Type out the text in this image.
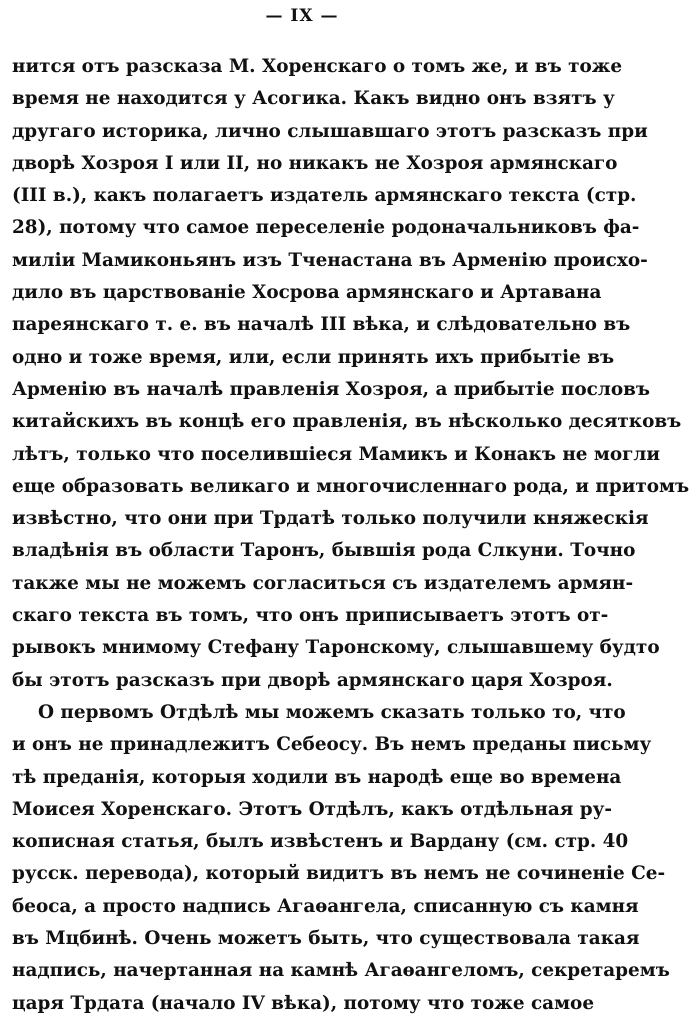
— IX —
нится отъ разсказа М. Хоренскаго о томъ же, и въ тоже
время не находится у Асогика. Какъ видно онъ взятъ у
другаго историка, лично слышавшаго этотъ разсказъ при
дворѣ Хозроя I или II, но никакъ не Хозроя армянскаго
(III в.), какъ полагаетъ издатель армянскаго текста (стр.
28), потому что самое переселеніе родоначальниковъ фа-
миліи Мамиконьянъ изъ Тченастана въ Арменію происхо-
дило въ царствованіе Хосрова армянскаго и Артавана
пареянскаго т. е. въ началѣ III вѣка, и слѣдовательно въ
одно и тоже время, или, если принять ихъ прибытіе въ
Арменію въ началѣ правленія Хозроя, а прибытіе пословъ
китайскихъ въ концѣ его правленія, въ нѣсколько десятковъ
лѣтъ, только что поселившіеся Мамикъ и Конакъ не могли
еще образовать великаго и многочисленнаго рода, и притомъ
извѣстно, что они при Трдатѣ только получили княжескія
владѣнія въ области Таронъ, бывшія рода Слкуни. Точно
также мы не можемъ согласиться съ издателемъ армян-
скаго текста въ томъ, что онъ приписываетъ этотъ от-
рывокъ мнимому Стефану Таронскому, слышавшему будто
бы этотъ разсказъ при дворѣ армянскаго царя Хозроя.
О первомъ Отдѣлѣ мы можемъ сказать только то, что
и онъ не принадлежитъ Себеосу. Въ немъ преданы письму
тѣ преданія, которыя ходили въ народѣ еще во времена
Моисея Хоренскаго. Этотъ Отдѣлъ, какъ отдѣльная ру-
кописная статья, былъ извѣстенъ и Вардану (см. стр. 40
русск. перевода), который видитъ въ немъ не сочиненіе Се-
беоса, а просто надпись Агаѳангела, списанную съ камня
въ Мцбинѣ. Очень можетъ быть, что существовала такая
надпись, начертанная на камнѣ Агаѳангеломъ, секретаремъ
царя Трдата (начало IV вѣка), потому что тоже самое
